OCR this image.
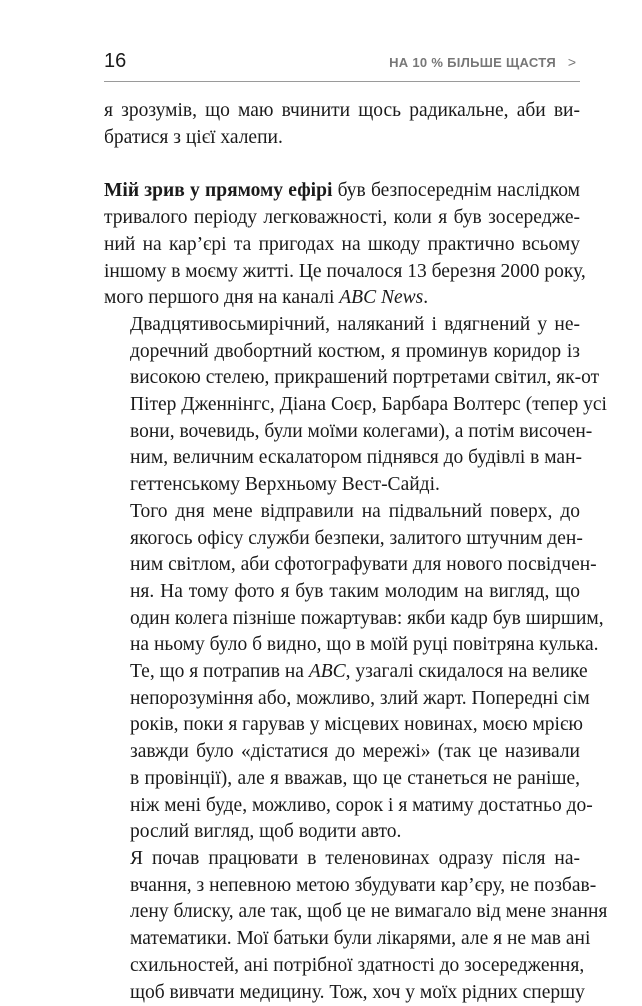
16	НА 10 % БІЛЬШЕ ЩАСТЯ >

я зрозумів, що маю вчинити щось радикальне, аби ви-
братися з цієї халепи.

Мій зрив у прямому ефірі був безпосереднім наслідком
тривалого періоду легковажності, коли я був зосередже-
ний на кар’єрі та пригодах на шкоду практично всьому
іншому в моєму житті. Це почалося 13 березня 2000 року,
мого першого дня на каналі ABC News.

Двадцятивосьмирічний, наляканий і вдягнений у не-
доречний двобортний костюм, я проминув коридор із
високою стелею, прикрашений портретами світил, як-от
Пітер Дженнінгс, Діана Соєр, Барбара Волтерс (тепер усі
вони, вочевидь, були моїми колегами), а потім височен-
ним, величним ескалатором піднявся до будівлі в ман-
геттенському Верхньому Вест-Сайді.

Того дня мене відправили на підвальний поверх, до
якогось офісу служби безпеки, залитого штучним ден-
ним світлом, аби сфотографувати для нового посвідчен-
ня. На тому фото я був таким молодим на вигляд, що
один колега пізніше пожартував: якби кадр був ширшим,
на ньому було б видно, що в моїй руці повітряна кулька.

Те, що я потрапив на ABC, узагалі скидалося на велике
непорозуміння або, можливо, злий жарт. Попередні сім
років, поки я гарував у місцевих новинах, моєю мрією
завжди було «дістатися до мережі» (так це називали
в провінції), але я вважав, що це станеться не раніше,
ніж мені буде, можливо, сорок і я матиму достатньо до-
рослий вигляд, щоб водити авто.

Я почав працювати в теленовинах одразу після на-
вчання, з непевною метою збудувати кар’єру, не позбав-
лену блиску, але так, щоб це не вимагало від мене знання
математики. Мої батьки були лікарями, але я не мав ані
схильностей, ані потрібної здатності до зосередження,
щоб вивчати медицину. Тож, хоч у моїх рідних спершу
